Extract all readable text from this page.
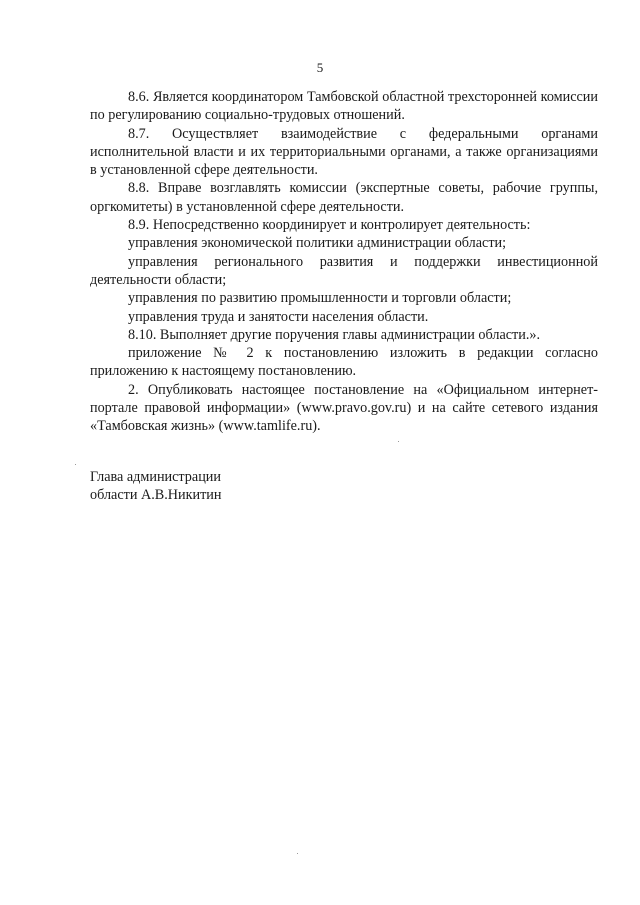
5

8.6. Является координатором Тамбовской областной трехсторонней комиссии по регулированию социально-трудовых отношений.

8.7. Осуществляет взаимодействие с федеральными органами исполнительной власти и их территориальными органами, а также организациями в установленной сфере деятельности.

8.8. Вправе возглавлять комиссии (экспертные советы, рабочие группы, оргкомитеты) в установленной сфере деятельности.

8.9. Непосредственно координирует и контролирует деятельность:

управления экономической политики администрации области;

управления регионального развития и поддержки инвестиционной деятельности области;

управления по развитию промышленности и торговли области;

управления труда и занятости населения области.

8.10. Выполняет другие поручения главы администрации области.».

приложение № 2 к постановлению изложить в редакции согласно приложению к настоящему постановлению.

2. Опубликовать настоящее постановление на «Официальном интернет-портале правовой информации» (www.pravo.gov.ru) и на сайте сетевого издания «Тамбовская жизнь» (www.tamlife.ru).

Глава администрации
области А.В.Никитин
